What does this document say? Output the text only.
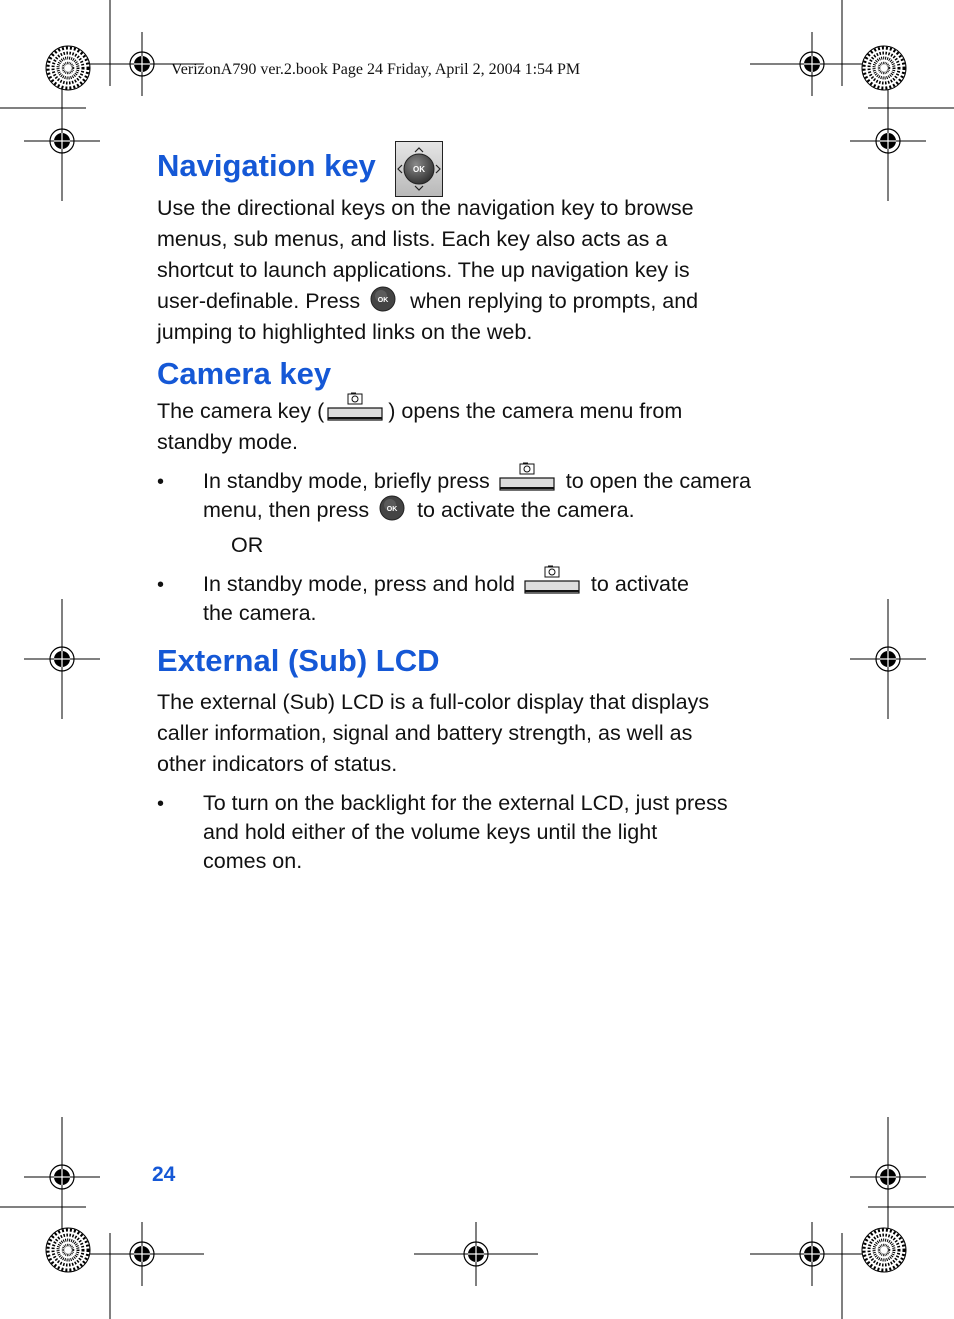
VerizonA790 ver.2.book Page 24 Friday, April 2, 2004 1:54 PM
Navigation key	OK
Use the directional keys on the navigation key to browse
menus, sub menus, and lists. Each key also acts as a
shortcut to launch applications. The up navigation key is
user-definable. Press OK when replying to prompts, and
jumping to highlighted links on the web.
Camera key
The camera key (	) opens the camera menu from
standby mode.
• In standby mode, briefly press	to open the camera
menu, then press OK to activate the camera.
OR
• In standby mode, press and hold	to activate
the camera.
External (Sub) LCD
The external (Sub) LCD is a full-color display that displays
caller information, signal and battery strength, as well as
other indicators of status.
• To turn on the backlight for the external LCD, just press
and hold either of the volume keys until the light
comes on.
24
